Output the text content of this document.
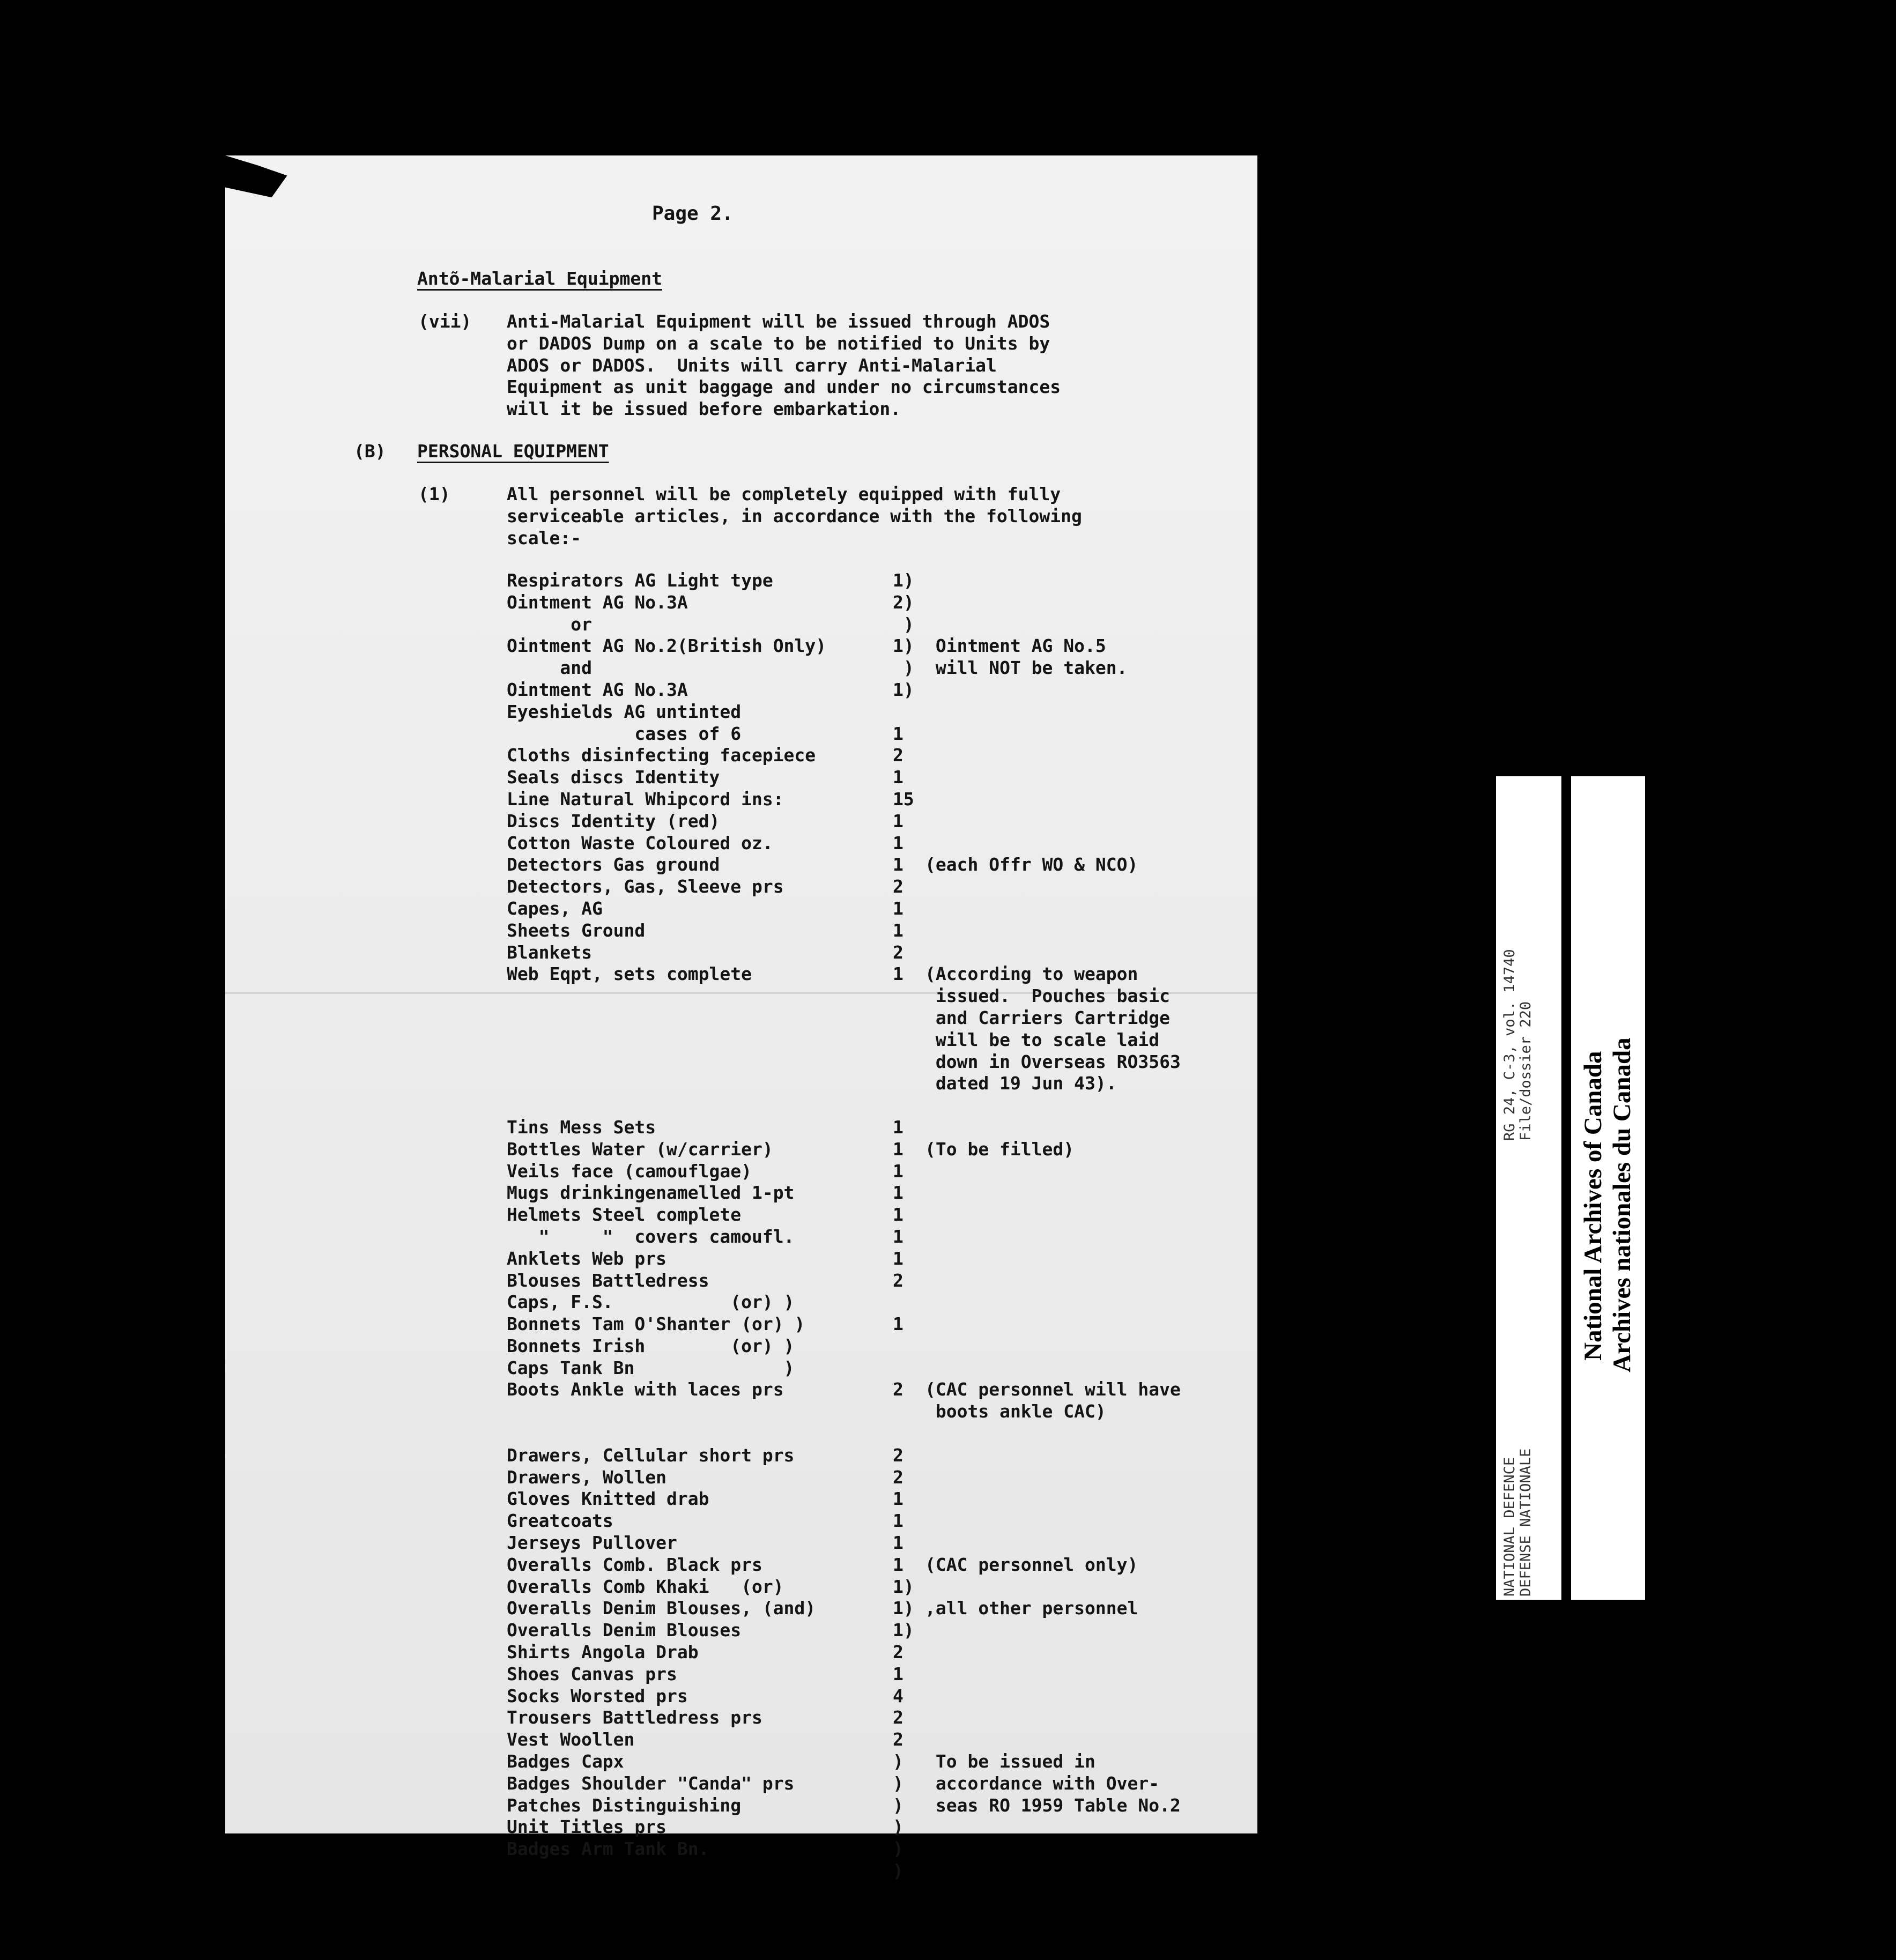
Page 2.
Antõ-Malarial Equipment
(vii) Anti-Malarial Equipment will be issued through ADOS
or DADOS Dump on a scale to be notified to Units by
ADOS or DADOS.  Units will carry Anti-Malarial
Equipment as unit baggage and under no circumstances
will it be issued before embarkation.
(B) PERSONAL EQUIPMENT
(1)	All personnel will be completely equipped with fully
serviceable articles, in accordance with the following
scale:-
Respirators AG Light type	1)
Ointment AG No.3A	2)
or	)
Ointment AG No.2(British Only)	1) Ointment AG No.5
and	) will NOT be taken.
Ointment AG No.3A	1)
Eyeshields AG untinted
cases of 6	1
Cloths disinfecting facepiece	2
Seals discs Identity	1
Line Natural Whipcord ins:	15
Discs Identity (red)	1
Cotton Waste Coloured oz.	1
Detectors Gas ground	1 (each Offr WO & NCO)
Detectors, Gas, Sleeve prs	2
Capes, AG	1
Sheets Ground	1
Blankets	2
Web Eqpt, sets complete	1 (According to weapon
issued.  Pouches basic
and Carriers Cartridge
will be to scale laid
down in Overseas RO3563
dated 19 Jun 43).
Tins Mess Sets	1
Bottles Water (w/carrier)	1 (To be filled)
Veils face (camouflgae)	1
Mugs drinkingenamelled 1-pt	1
Helmets Steel complete	1
"     "  covers camoufl.	1
Anklets Web prs	1
Blouses Battledress	2
Caps, F.S.           (or) )
Bonnets Tam O'Shanter (or) )	1
Bonnets Irish        (or) )
Caps Tank Bn              )
Boots Ankle with laces prs	2 (CAC personnel will have
boots ankle CAC)
Drawers, Cellular short prs	2
Drawers, Wollen	2
Gloves Knitted drab	1
Greatcoats	1
Jerseys Pullover	1
Overalls Comb. Black prs	1 (CAC personnel only)
Overalls Comb Khaki   (or)	1)
Overalls Denim Blouses, (and)	1) ,all other personnel
Overalls Denim Blouses	1)
Shirts Angola Drab	2
Shoes Canvas prs	1
Socks Worsted prs	4
Trousers Battledress prs	2
Vest Woollen	2
Badges Capx	) To be issued in
Badges Shoulder "Canda" prs	) accordance with Over-
Patches Distinguishing	) seas RO 1959 Table No.2
Unit Titles prs	)
Badges Arm Tank Bn.	)
)
NATIONAL DEFENCE DEFENSE NATIONALE
RG 24, C-3, vol. 14740 File/dossier 220 National Archives of Canada Archives nationales du Canada
